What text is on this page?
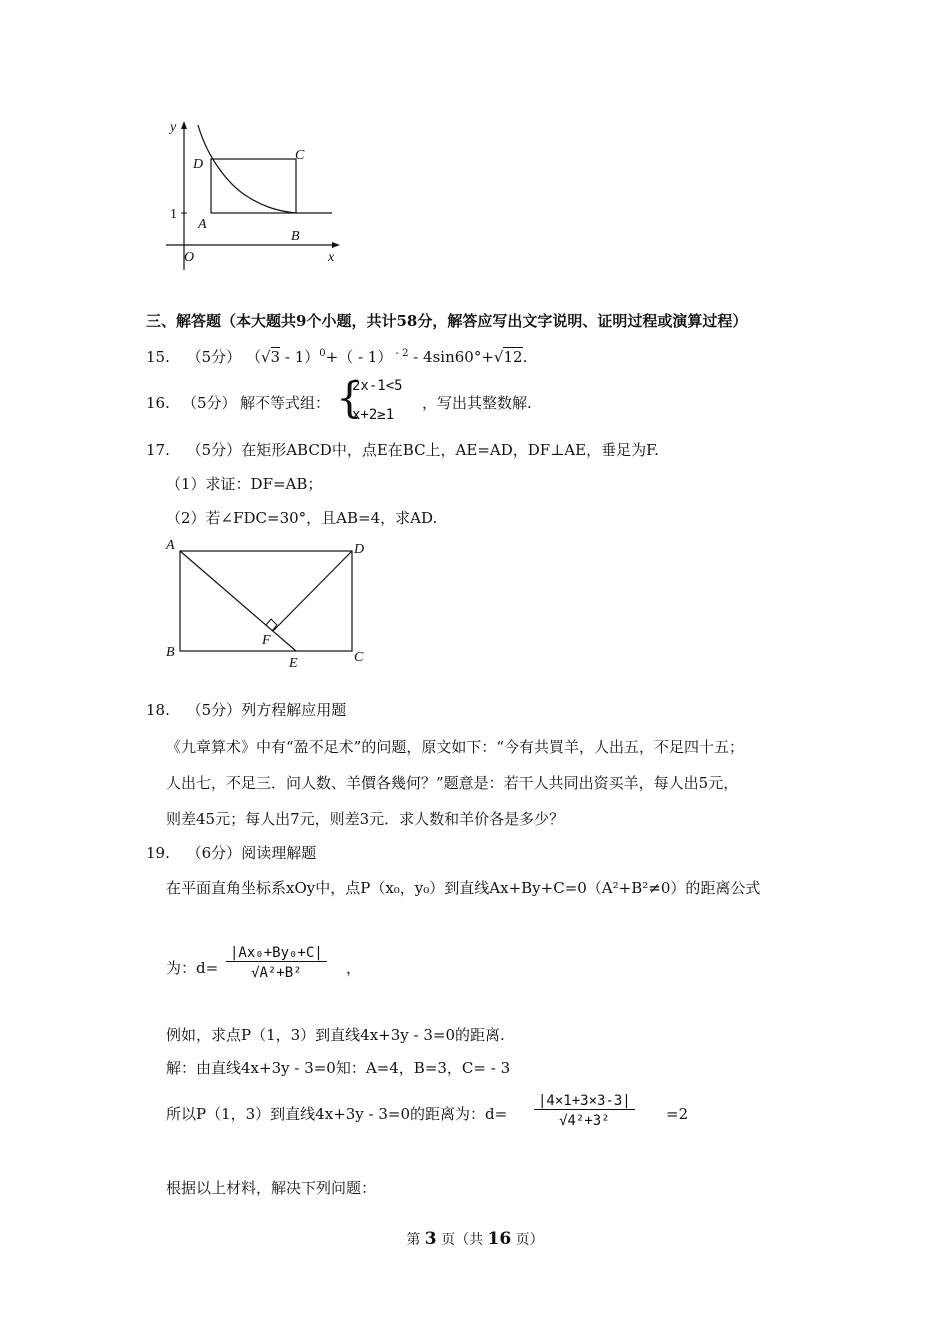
y
x
O
1
A
B
C
D
三、解答题（本大题共9个小题，共计58分，解答应写出文字说明、证明过程或演算过程）
15. （5分） （√3 - 1）$^0$+（ - 1） $^{- 2}$ - 4sin60°+√12.
16. （5分） 解不等式组： {
2x-1<5
x+2≥1
，写出其整数解.
17. （5分）在矩形ABCD中，点E在BC上，AE=AD，DF⊥AE，垂足为F.
（1）求证：DF=AB；
（2）若∠FDC=30°，且AB=4，求AD.
A	D
B	C
E
F
18. （5分）列方程解应用题
《九章算术》中有“盈不足术”的问题，原文如下：“今有共買羊，人出五，不足四十五；
人出七，不足三．问人数、羊價各幾何？”题意是：若干人共同出资买羊，每人出5元，
则差45元；每人出7元，则差3元．求人数和羊价各是多少？
19. （6分）阅读理解题
在平面直角坐标系xOy中，点P（x₀，y₀）到直线Ax+By+C=0（A²+B²≠0）的距离公式
为：$d= \frac{\text{|Ax₀+By₀+C|}}{\text{√A²+B²}}$ ，
例如，求点P（1，3）到直线4x+3y - 3=0的距离.
解：由直线4x+3y - 3=0知：A=4，B=3，C= - 3
所以P（1，3）到直线4x+3y - 3=0的距离为：$d= \frac{|4\times 1+3\times 3-3|}{\text{√4²+3²}} =2$
根据以上材料，解决下列问题：
第 3 页（共 16 页）
